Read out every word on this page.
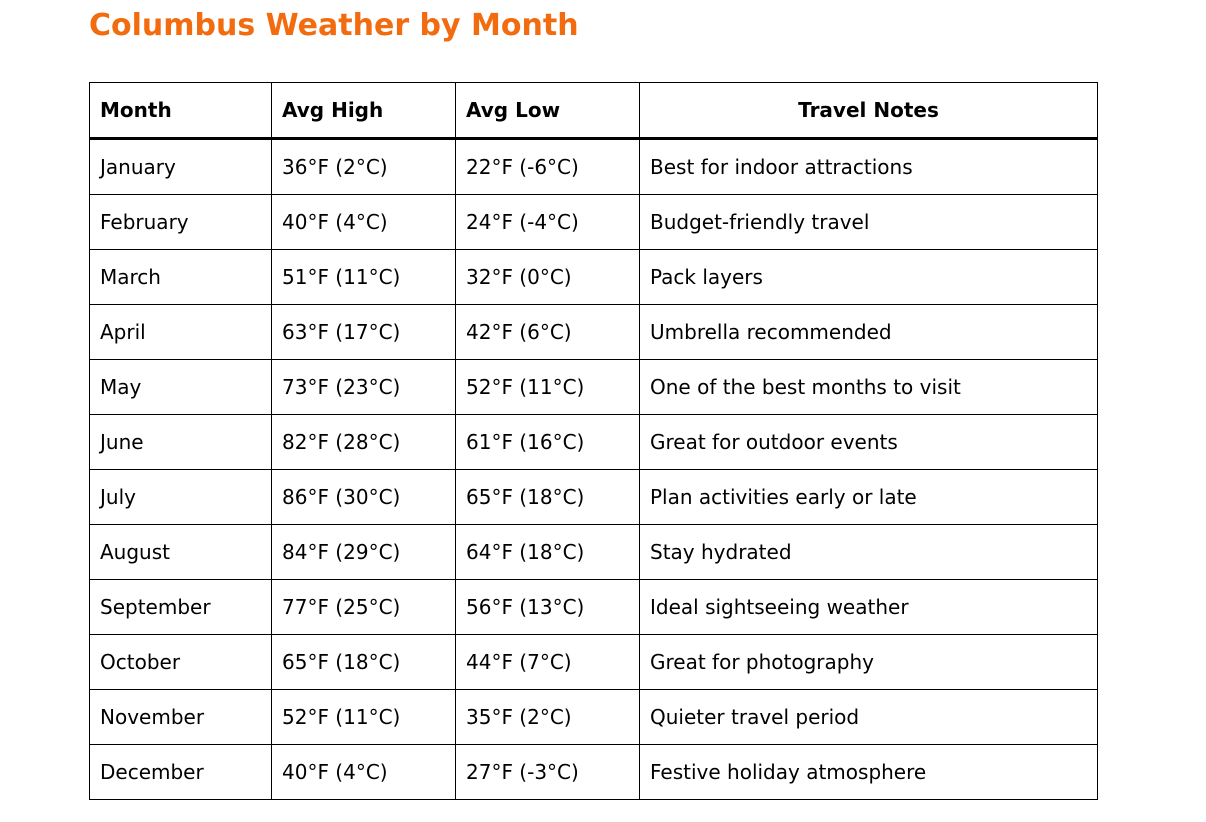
Columbus Weather by Month
Month	Avg High	Avg Low	Travel Notes
January	36°F (2°C)	22°F (-6°C)	Best for indoor attractions
February	40°F (4°C)	24°F (-4°C)	Budget-friendly travel
March	51°F (11°C)	32°F (0°C)	Pack layers
April	63°F (17°C)	42°F (6°C)	Umbrella recommended
May	73°F (23°C)	52°F (11°C)	One of the best months to visit
June	82°F (28°C)	61°F (16°C)	Great for outdoor events
July	86°F (30°C)	65°F (18°C)	Plan activities early or late
August	84°F (29°C)	64°F (18°C)	Stay hydrated
September	77°F (25°C)	56°F (13°C)	Ideal sightseeing weather
October	65°F (18°C)	44°F (7°C)	Great for photography
November	52°F (11°C)	35°F (2°C)	Quieter travel period
December	40°F (4°C)	27°F (-3°C)	Festive holiday atmosphere
